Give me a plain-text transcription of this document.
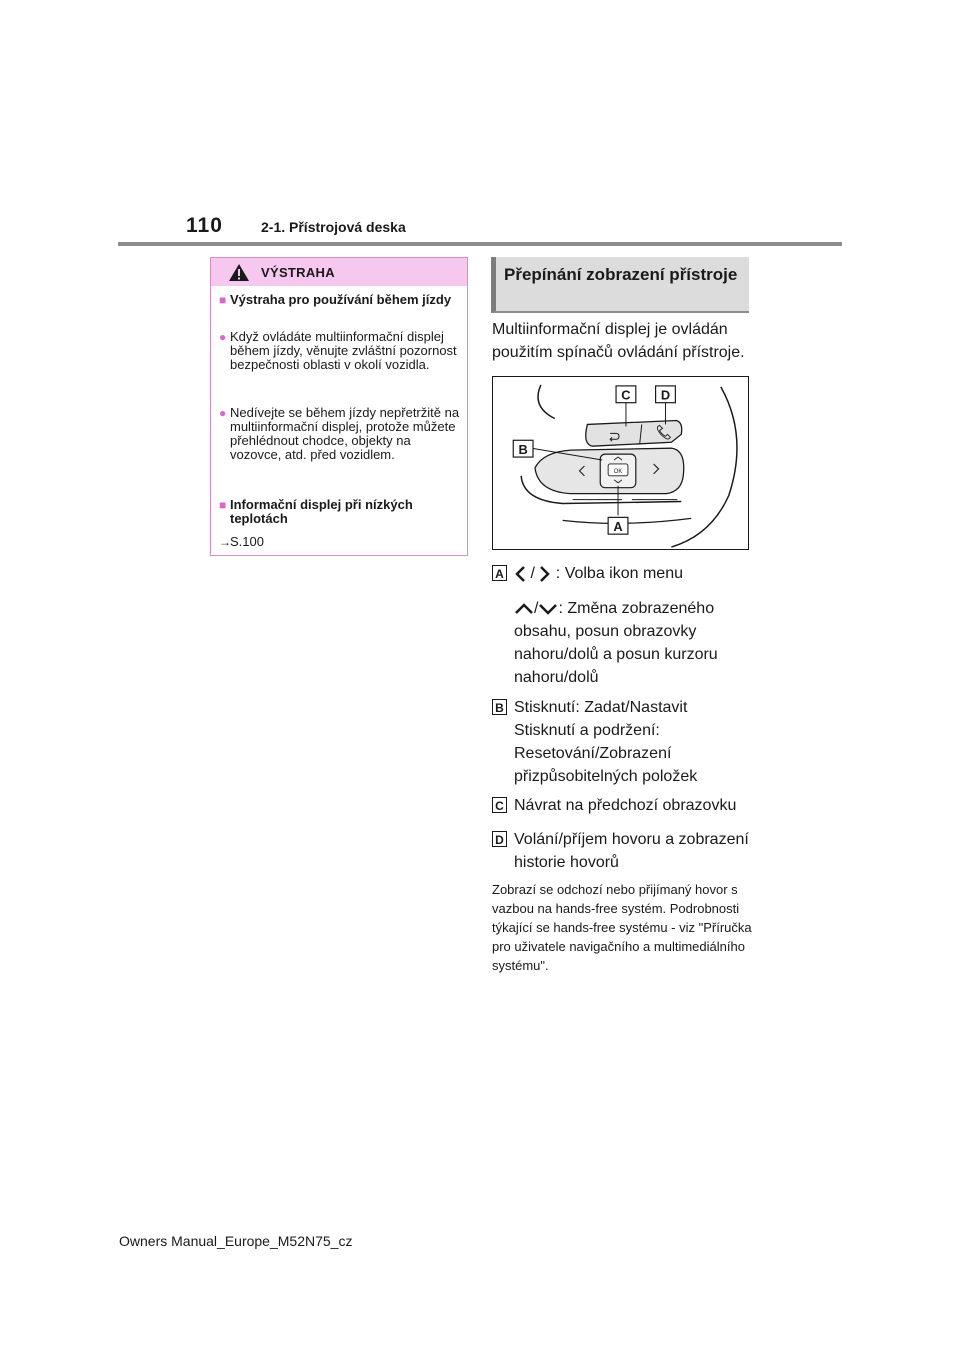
110	2-1. Přístrojová deska
VÝSTRAHA
■ Výstraha pro používání během jízdy
● Když ovládáte multiinformační displej během jízdy, věnujte zvláštní pozornost bezpečnosti oblasti v okolí vozidla.
● Nedívejte se během jízdy nepřetržitě na multiinformační displej, protože můžete přehlédnout chodce, objekty na vozovce, atd. před vozidlem.
■ Informační displej při nízkých teplotách
→ S.100
Přepínání zobrazení přístroje
Multiinformační displej je ovládán použitím spínačů ovládání přístroje.
OK
C D
B
A
A	/  : Volba ikon menu
/ : Změna zobrazeného obsahu, posun obrazovky nahoru/dolů a posun kurzoru nahoru/dolů
B Stisknutí: Zadat/Nastavit
Stisknutí a podržení: Resetování/Zobrazení přizpůsobitelných položek
C Návrat na předchozí obrazovku
D Volání/příjem hovoru a zobrazení historie hovorů
Zobrazí se odchozí nebo přijímaný hovor s vazbou na hands-free systém. Podrobnosti týkající se hands-free systému - viz "Příručka pro uživatele navigačního a multimediálního systému".
Owners Manual_Europe_M52N75_cz
